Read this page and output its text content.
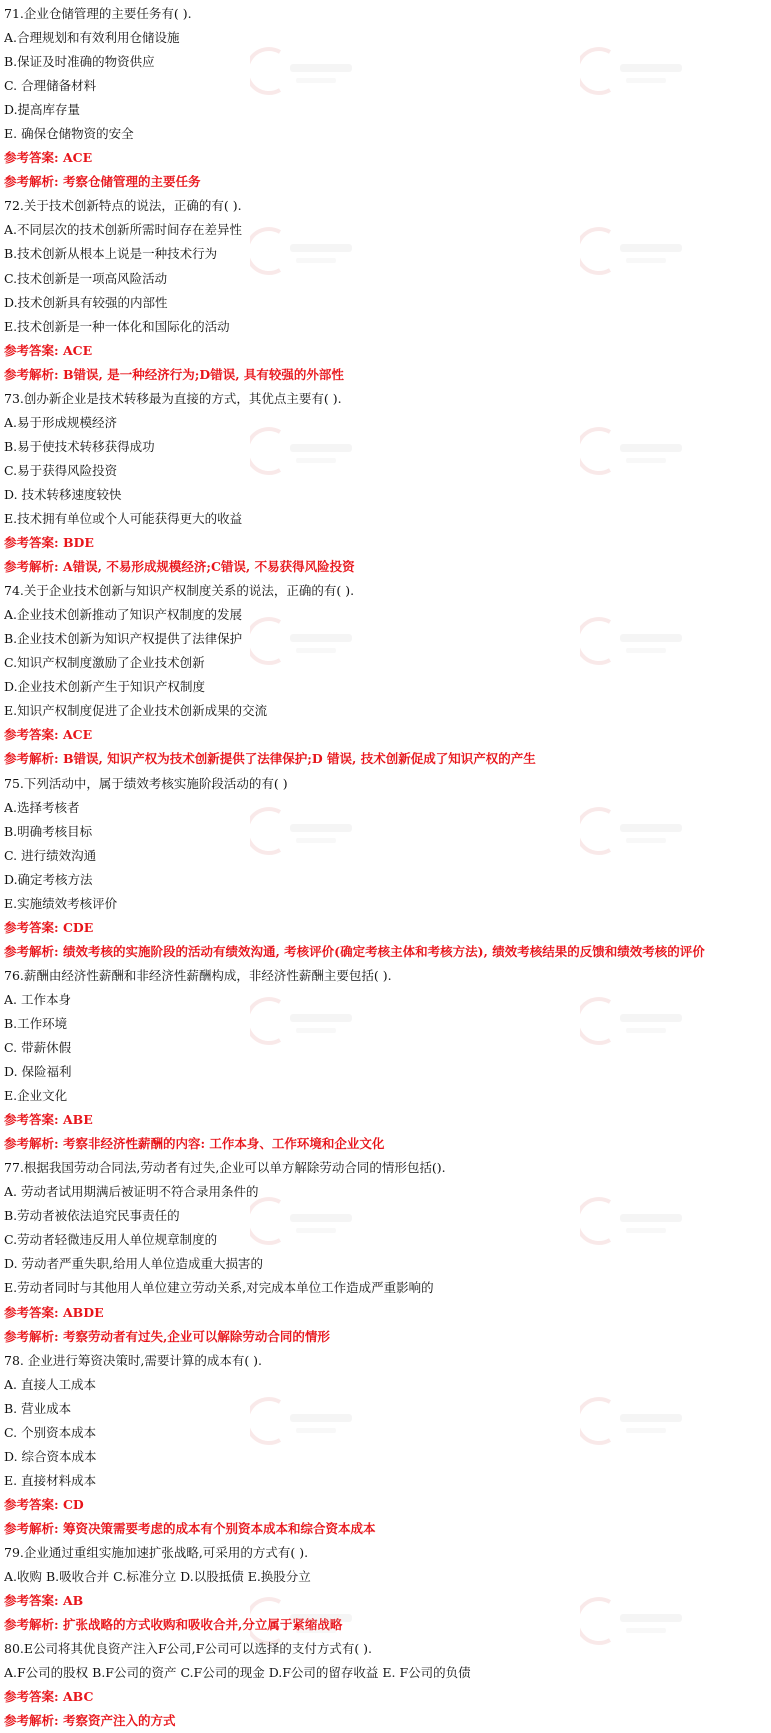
71.企业仓储管理的主要任务有( ).
A.合理规划和有效利用仓储设施
B.保证及时准确的物资供应
C. 合理储备材料
D.提高库存量
E. 确保仓储物资的安全
参考答案: ACE
参考解析: 考察仓储管理的主要任务
72.关于技术创新特点的说法，正确的有( ).
A.不同层次的技术创新所需时间存在差异性
B.技术创新从根本上说是一种技术行为
C.技术创新是一项高风险活动
D.技术创新具有较强的内部性
E.技术创新是一种一体化和国际化的活动
参考答案: ACE
参考解析: B错误, 是一种经济行为;D错误, 具有较强的外部性
73.创办新企业是技术转移最为直接的方式，其优点主要有( ).
A.易于形成规模经济
B.易于使技术转移获得成功
C.易于获得风险投资
D. 技术转移速度较快
E.技术拥有单位或个人可能获得更大的收益
参考答案: BDE
参考解析: A错误, 不易形成规模经济;C错误, 不易获得风险投资
74.关于企业技术创新与知识产权制度关系的说法，正确的有( ).
A.企业技术创新推动了知识产权制度的发展
B.企业技术创新为知识产权提供了法律保护
C.知识产权制度激励了企业技术创新
D.企业技术创新产生于知识产权制度
E.知识产权制度促进了企业技术创新成果的交流
参考答案: ACE
参考解析: B错误, 知识产权为技术创新提供了法律保护;D 错误, 技术创新促成了知识产权的产生
75.下列活动中，属于绩效考核实施阶段活动的有( )
A.选择考核者
B.明确考核目标
C. 进行绩效沟通
D.确定考核方法
E.实施绩效考核评价
参考答案: CDE
参考解析: 绩效考核的实施阶段的活动有绩效沟通, 考核评价(确定考核主体和考核方法), 绩效考核结果的反馈和绩效考核的评价
76.薪酬由经济性薪酬和非经济性薪酬构成，非经济性薪酬主要包括( ).
A. 工作本身
B.工作环境
C. 带薪休假
D. 保险福利
E.企业文化
参考答案: ABE
参考解析: 考察非经济性薪酬的内容: 工作本身、工作环境和企业文化
77.根据我国劳动合同法,劳动者有过失,企业可以单方解除劳动合同的情形包括().
A. 劳动者试用期满后被证明不符合录用条件的
B.劳动者被依法追究民事责任的
C.劳动者轻微违反用人单位规章制度的
D. 劳动者严重失职,给用人单位造成重大损害的
E.劳动者同时与其他用人单位建立劳动关系,对完成本单位工作造成严重影响的
参考答案: ABDE
参考解析: 考察劳动者有过失,企业可以解除劳动合同的情形
78. 企业进行筹资决策时,需要计算的成本有( ).
A. 直接人工成本
B. 营业成本
C. 个别资本成本
D. 综合资本成本
E. 直接材料成本
参考答案: CD
参考解析: 筹资决策需要考虑的成本有个别资本成本和综合资本成本
79.企业通过重组实施加速扩张战略,可采用的方式有( ).
A.收购 B.吸收合并 C.标准分立 D.以股抵债 E.换股分立
参考答案: AB
参考解析: 扩张战略的方式收购和吸收合并,分立属于紧缩战略
80.E公司将其优良资产注入F公司,F公司可以选择的支付方式有( ).
A.F公司的股权 B.F公司的资产 C.F公司的现金 D.F公司的留存收益 E. F公司的负债
参考答案: ABC
参考解析: 考察资产注入的方式
